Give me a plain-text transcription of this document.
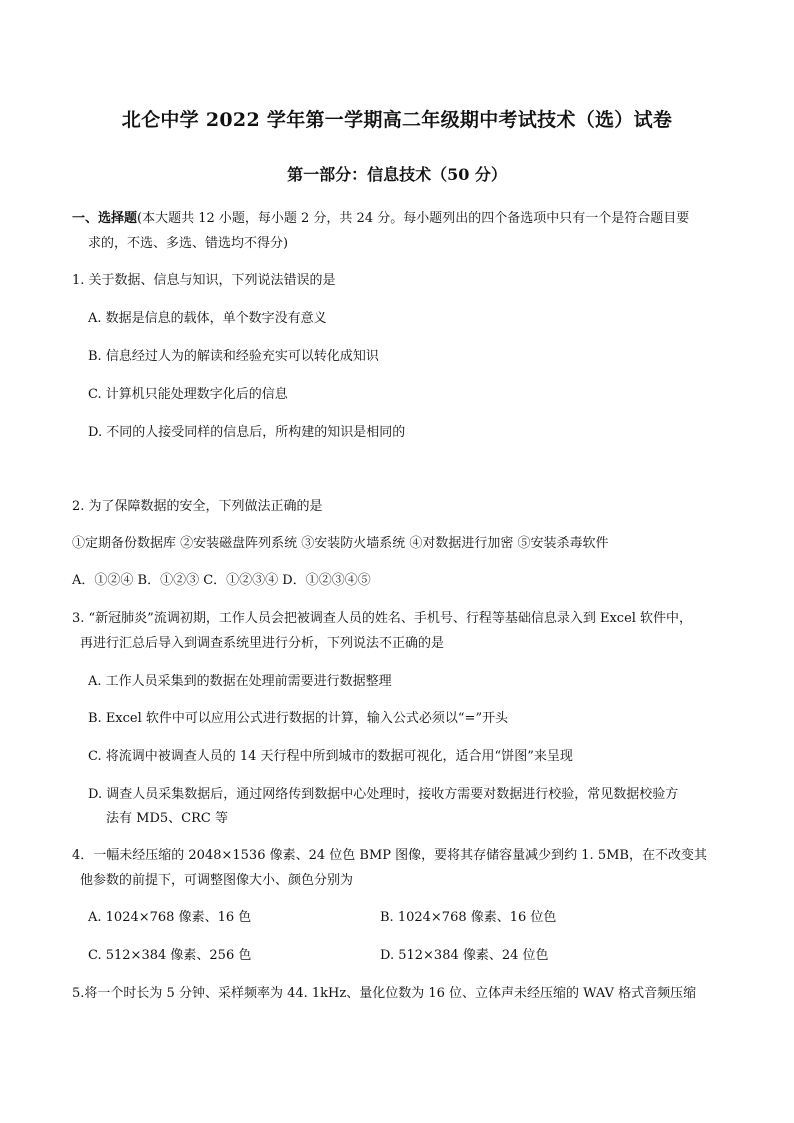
北仑中学 2022 学年第一学期高二年级期中考试技术（选）试卷
第一部分：信息技术（50 分）
一、选择题(本大题共 12 小题，每小题 2 分，共 24 分。每小题列出的四个备选项中只有一个是符合题目要
求的，不选、多选、错选均不得分)
1. 关于数据、信息与知识，下列说法错误的是
A. 数据是信息的载体，单个数字没有意义
B. 信息经过人为的解读和经验充实可以转化成知识
C. 计算机只能处理数字化后的信息
D. 不同的人接受同样的信息后，所构建的知识是相同的
2. 为了保障数据的安全，下列做法正确的是
①定期备份数据库 ②安装磁盘阵列系统 ③安装防火墙系统 ④对数据进行加密 ⑤安装杀毒软件
A．①②④ B．①②③ C．①②③④ D．①②③④⑤
3. “新冠肺炎”流调初期，工作人员会把被调查人员的姓名、手机号、行程等基础信息录入到 Excel 软件中，
再进行汇总后导入到调查系统里进行分析，下列说法不正确的是
A. 工作人员采集到的数据在处理前需要进行数据整理
B. Excel 软件中可以应用公式进行数据的计算，输入公式必须以“=”开头
C. 将流调中被调查人员的 14 天行程中所到城市的数据可视化，适合用“饼图”来呈现
D. 调查人员采集数据后，通过网络传到数据中心处理时，接收方需要对数据进行校验，常见数据校验方
法有 MD5、CRC 等
4．一幅未经压缩的 2048×1536 像素、24 位色 BMP 图像，要将其存储容量减少到约 1. 5MB，在不改变其
他参数的前提下，可调整图像大小、颜色分别为
A. 1024×768 像素、16 色	B. 1024×768 像素、16 位色
C. 512×384 像素、256 色	D. 512×384 像素、24 位色
5.将一个时长为 5 分钟、采样频率为 44. 1kHz、量化位数为 16 位、立体声未经压缩的 WAV 格式音频压缩
